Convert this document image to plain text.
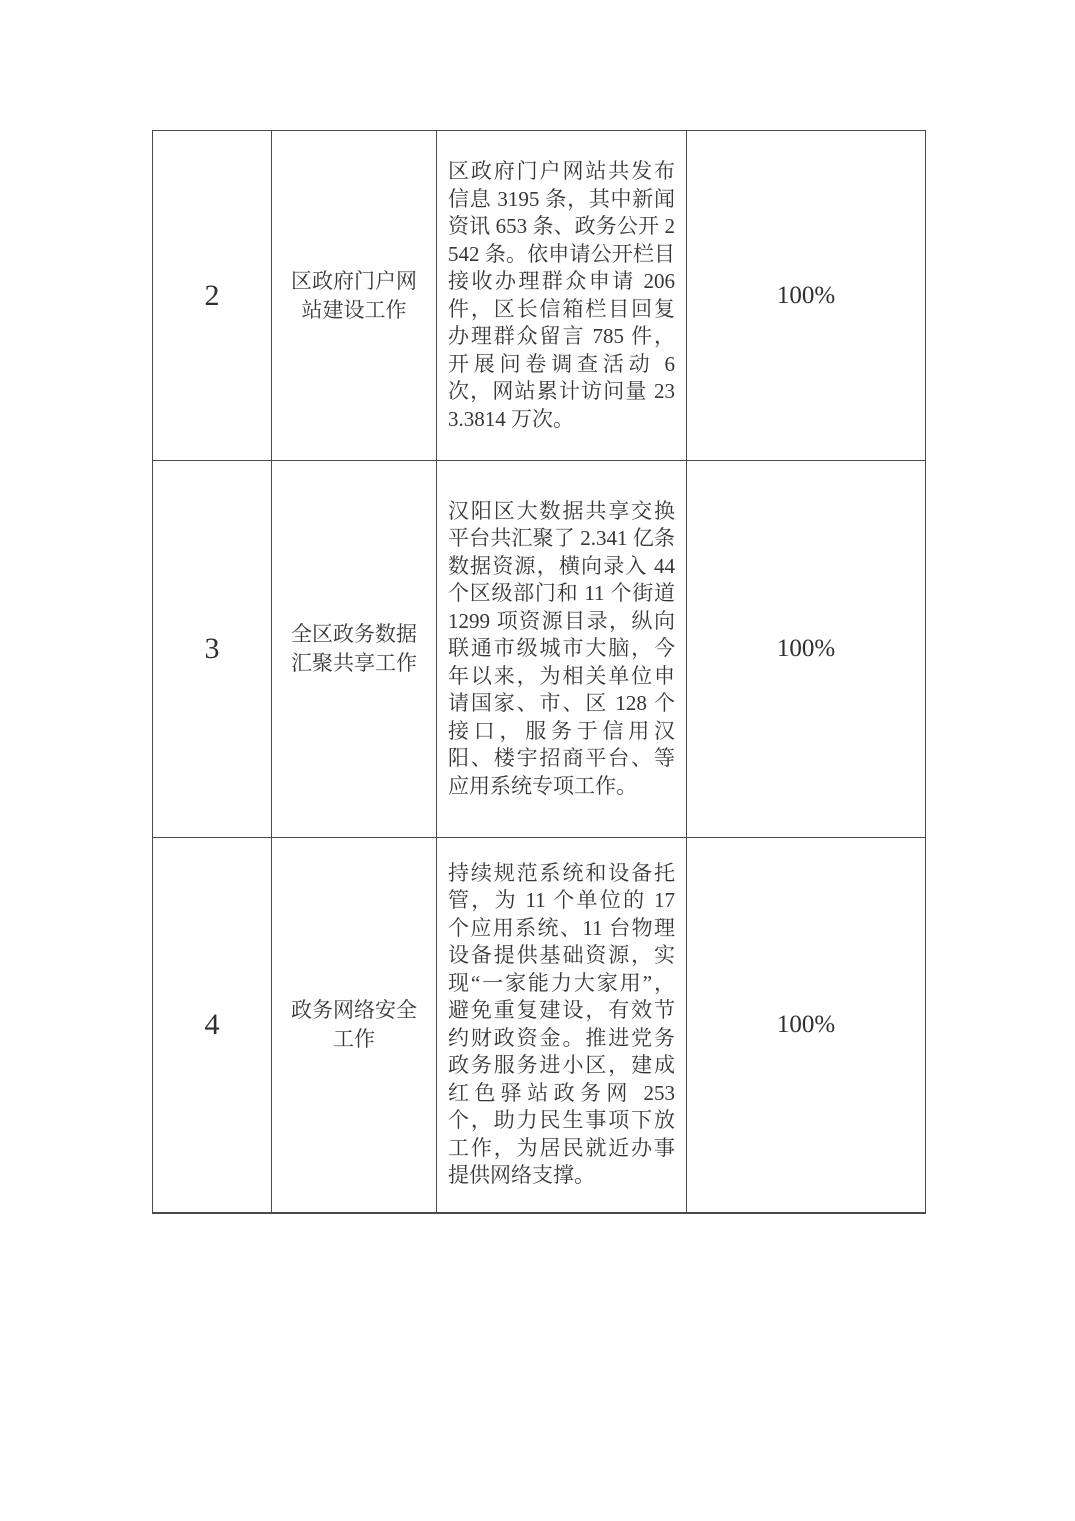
2	区政府门户网站建设工作	区政府门户网站共发布信息 3195 条，其中新闻资讯 653 条、政务公开 2542 条。依申请公开栏目接收办理群众申请 206 件，区长信箱栏目回复办理群众留言 785 件，开展问卷调查活动 6 次，网站累计访问量 233.3814 万次。	100%
3	全区政务数据汇聚共享工作	汉阳区大数据共享交换平台共汇聚了 2.341 亿条数据资源，横向录入 44 个区级部门和 11 个街道 1299 项资源目录，纵向联通市级城市大脑，今年以来，为相关单位申请国家、市、区 128 个接口，服务于信用汉阳、楼宇招商平台、等应用系统专项工作。	100%
4	政务网络安全工作	持续规范系统和设备托管，为 11 个单位的 17 个应用系统、11 台物理设备提供基础资源，实现“一家能力大家用”，避免重复建设，有效节约财政资金。推进党务政务服务进小区，建成红色驿站政务网 253 个，助力民生事项下放工作，为居民就近办事提供网络支撑。	100%
